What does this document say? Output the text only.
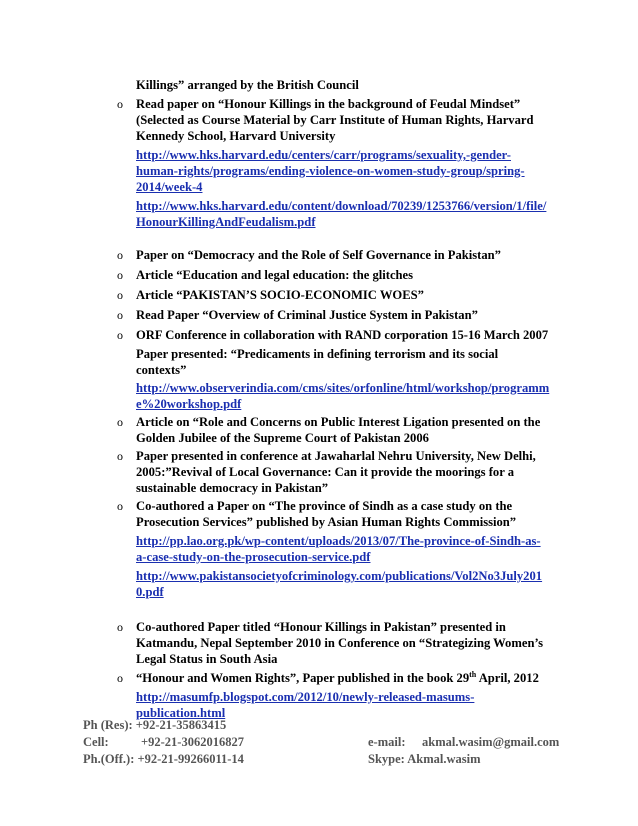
Killings” arranged by the British Council
o Read paper on “Honour Killings in the background of Feudal Mindset”
(Selected as Course Material by Carr Institute of Human Rights, Harvard
Kennedy School, Harvard University
http://www.hks.harvard.edu/centers/carr/programs/sexuality,-gender-
human-rights/programs/ending-violence-on-women-study-group/spring-
2014/week-4
http://www.hks.harvard.edu/content/download/70239/1253766/version/1/file/
HonourKillingAndFeudalism.pdf
o Paper on “Democracy and the Role of Self Governance in Pakistan”
o Article “Education and legal education: the glitches
o Article “PAKISTAN’S SOCIO-ECONOMIC WOES”
o Read Paper “Overview of Criminal Justice System in Pakistan”
o ORF Conference in collaboration with RAND corporation 15-16 March 2007
Paper presented: “Predicaments in defining terrorism and its social
contexts”
http://www.observerindia.com/cms/sites/orfonline/html/workshop/programm
e%20workshop.pdf
o Article on “Role and Concerns on Public Interest Ligation presented on the
Golden Jubilee of the Supreme Court of Pakistan 2006
o Paper presented in conference at Jawaharlal Nehru University, New Delhi,
2005:”Revival of Local Governance: Can it provide the moorings for a
sustainable democracy in Pakistan”
o Co-authored a Paper on “The province of Sindh as a case study on the
Prosecution Services” published by Asian Human Rights Commission”
http://pp.lao.org.pk/wp-content/uploads/2013/07/The-province-of-Sindh-as-
a-case-study-on-the-prosecution-service.pdf
http://www.pakistansocietyofcriminology.com/publications/Vol2No3July201
0.pdf
o Co-authored Paper titled “Honour Killings in Pakistan” presented in
Katmandu, Nepal September 2010 in Conference on “Strategizing Women’s
Legal Status in South Asia
o “Honour and Women Rights”, Paper published in the book 29th April, 2012
http://masumfp.blogspot.com/2012/10/newly-released-masums-
publication.html
Ph (Res): +92-21-35863415
Cell:	+92-21-3062016827
Ph.(Off.): +92-21-99266011-14
e-mail: akmal.wasim@gmail.com
Skype: Akmal.wasim
